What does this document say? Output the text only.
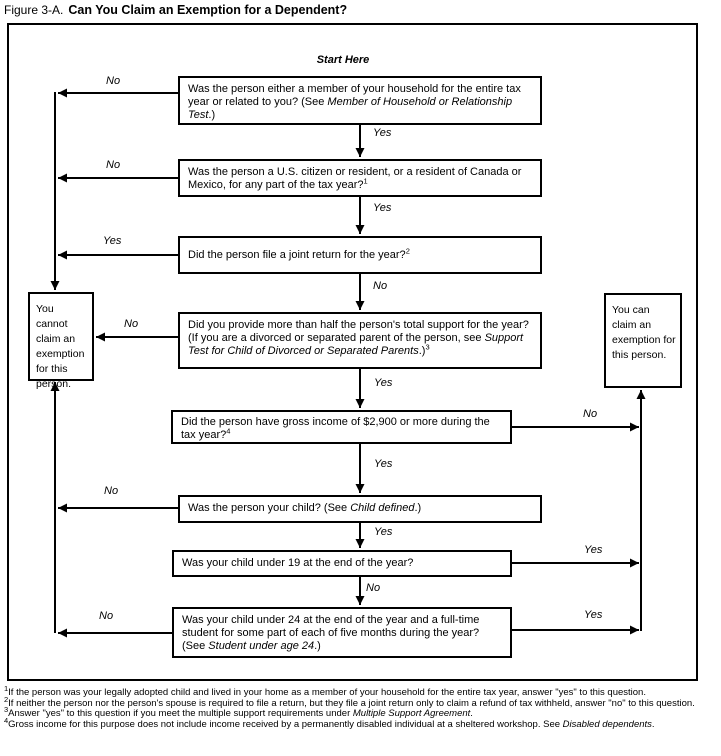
Figure 3-A. Can You Claim an Exemption for a Dependent?
Start Here
Was the person either a member of your household for the entire tax year or related to you? (See Member of Household or Relationship Test.)
Was the person a U.S. citizen or resident, or a resident of Canada or Mexico, for any part of the tax year?$^1$
Did the person file a joint return for the year?$^2$
Did you provide more than half the person's total support for the year? (If you are a divorced or separated parent of the person, see Support Test for Child of Divorced or Separated Parents.)$^3$
Did the person have gross income of $2,900 or more during the tax year?$^4$
Was the person your child? (See Child defined.)
Was your child under 19 at the end of the year?
Was your child under 24 at the end of the year and a full-time student for some part of each of five months during the year? (See Student under age 24.)
You cannot claim an exemption for this person.
You can claim an exemption for this person.
No
Yes
No
Yes
Yes
No
No
Yes
No
Yes
No
Yes
Yes
No
No	Yes
$^1$If the person was your legally adopted child and lived in your home as a member of your household for the entire tax year, answer "yes" to this question.
$^2$If neither the person nor the person's spouse is required to file a return, but they file a joint return only to claim a refund of tax withheld, answer "no" to this question.
$^3$Answer "yes" to this question if you meet the multiple support requirements under Multiple Support Agreement.
$^4$Gross income for this purpose does not include income received by a permanently disabled individual at a sheltered workshop. See Disabled dependents.
